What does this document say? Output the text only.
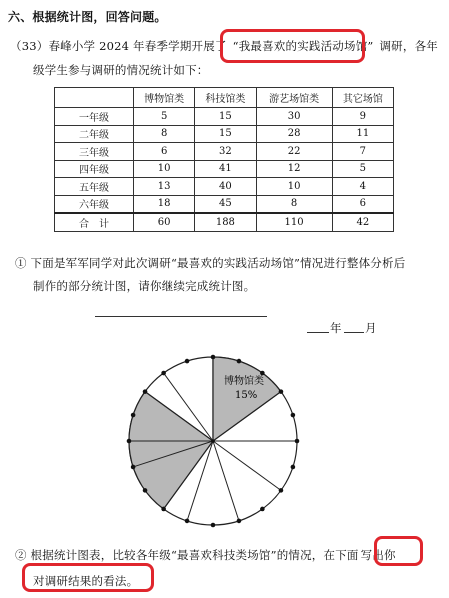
六、根据统计图，回答问题。
（33）春峰小学 2024 年春季学期开展了 “我最喜欢的实践活动场馆” 调研，各年
级学生参与调研的情况统计如下：
	博物馆类	科技馆类	游艺场馆类	其它场馆
一年级	5	15	30	9
二年级	8	15	28	11
三年级	6	32	22	7
四年级	10	41	12	5
五年级	13	40	10	4
六年级	18	45	8	6
合　计	60	188	110	42
① 下面是军军同学对此次调研“最喜欢的实践活动场馆”情况进行整体分析后
制作的部分统计图，请你继续完成统计图。
年 月
博物馆类
15%
② 根据统计图表，比较各年级“最喜欢科技类场馆”的情况，在下面 写出你
对调研结果的看法。
